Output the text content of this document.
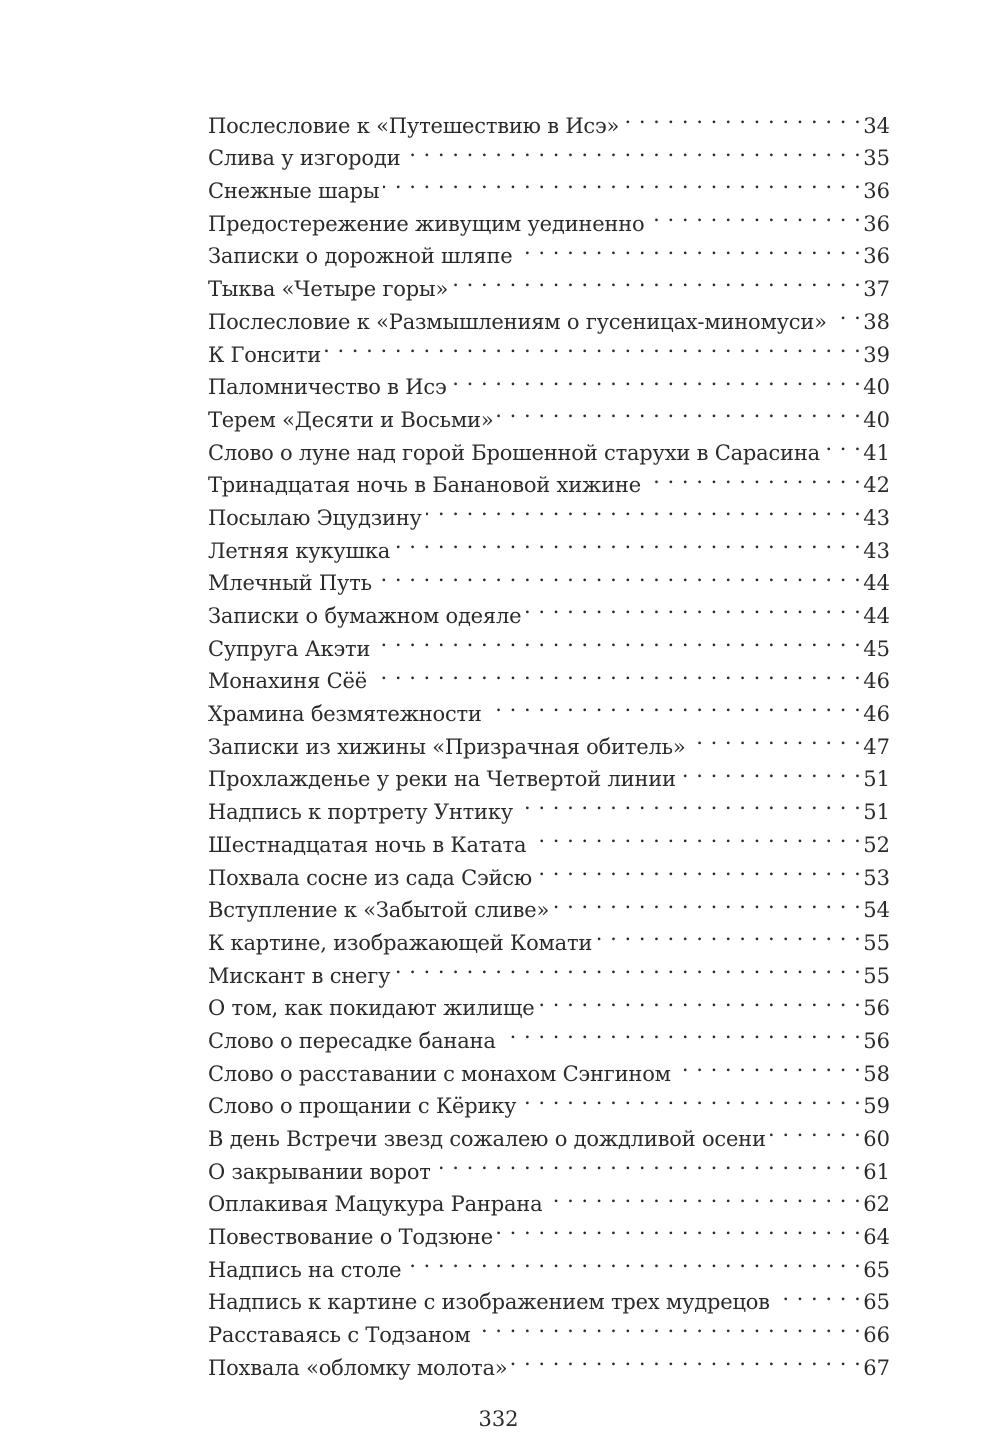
Послесловие к «Путешествию в Исэ» . . .	34
Слива у изгороди . . .	35
Снежные шары . . .	36
Предостережение живущим уединенно . . .	36
Записки о дорожной шляпе . . .	36
Тыква «Четыре горы» . . .	37
Послесловие к «Размышлениям о гусеницах-миномуси» . . . 38
К Гонсити . . .	39
Паломничество в Исэ . . .	40
Терем «Десяти и Восьми» . . .	40
Слово о луне над горой Брошенной старухи в Сарасина . . . 41
Тринадцатая ночь в Банановой хижине . . .	42
Посылаю Эцудзину . . .	43
Летняя кукушка . . .	43
Млечный Путь . . .	44
Записки о бумажном одеяле . . .	44
Супруга Акэти . . .	45
Монахиня Сёё . . .	46
Храмина безмятежности . . .	46
Записки из хижины «Призрачная обитель» . . .	47
Прохлажденье у реки на Четвертой линии . . .	51
Надпись к портрету Унтику . . .	51
Шестнадцатая ночь в Катата . . .	52
Похвала сосне из сада Сэйсю . . .	53
Вступление к «Забытой сливе» . . .	54
К картине, изображающей Комати . . .	55
Мискант в снегу . . .	55
О том, как покидают жилище . . .	56
Слово о пересадке банана . . .	56
Слово о расставании с монахом Сэнгином . . .	58
Слово о прощании с Кёрику . . .	59
В день Встречи звезд сожалею о дождливой осени . . .	60
О закрывании ворот . . .	61
Оплакивая Мацукура Ранрана . . .	62
Повествование о Тодзюне . . .	64
Надпись на столе . . .	65
Надпись к картине с изображением трех мудрецов . . .	65
Расставаясь с Тодзаном . . .	66
Похвала «обломку молота» . . .	67
332
